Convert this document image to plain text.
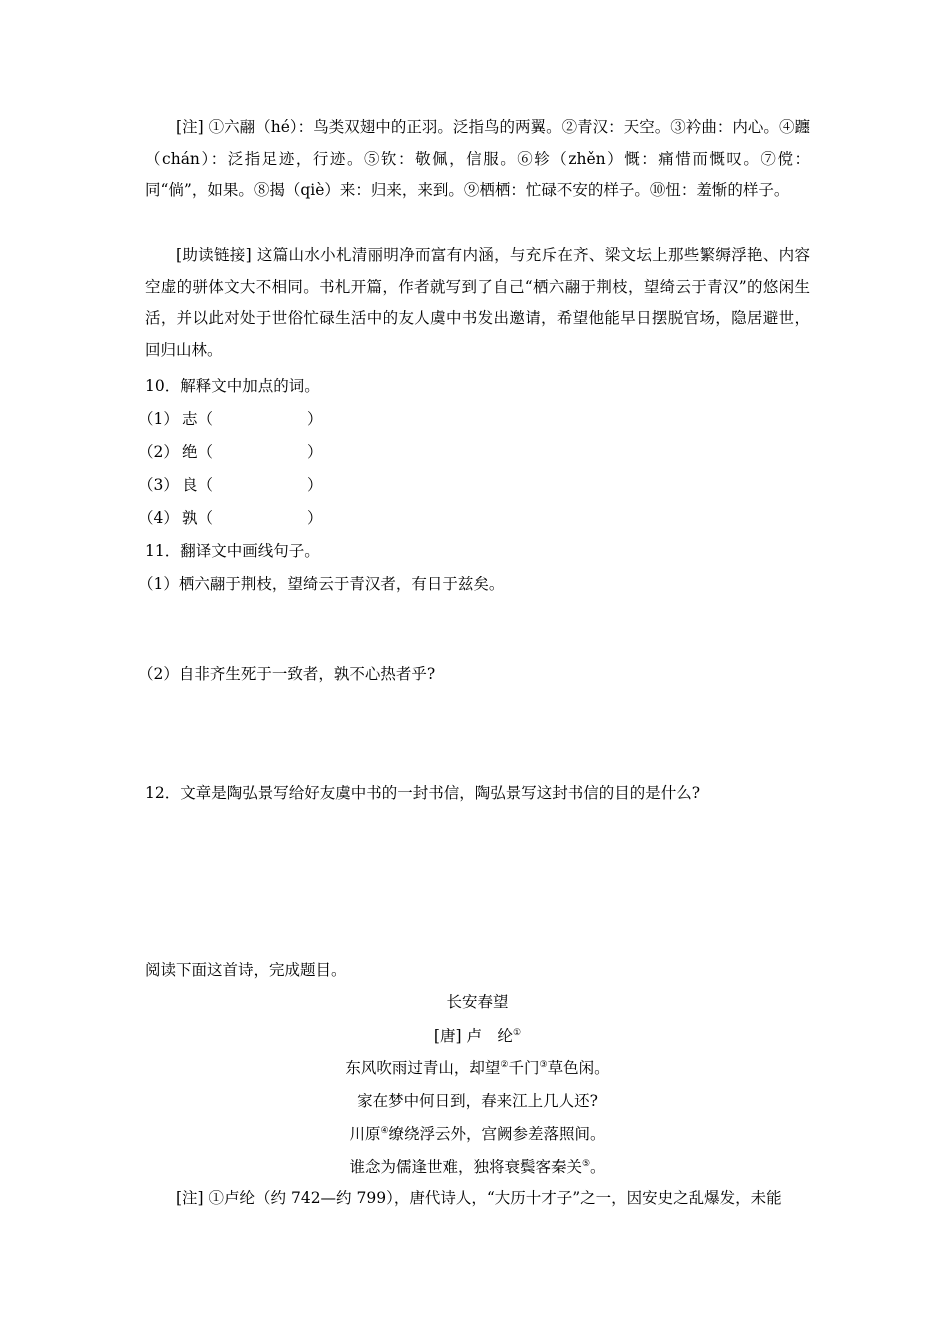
[注] ①六翮（hé）：鸟类双翅中的正羽。泛指鸟的两翼。②青汉：天空。③衿曲：内心。④躔（chán）：泛指足迹，行迹。⑤钦：敬佩，信服。⑥轸（zhěn）慨：痛惜而慨叹。⑦傥：同“倘”，如果。⑧揭（qiè）来：归来，来到。⑨栖栖：忙碌不安的样子。⑩忸：羞惭的样子。
[助读链接] 这篇山水小札清丽明净而富有内涵，与充斥在齐、梁文坛上那些繁缛浮艳、内容空虚的骈体文大不相同。书札开篇，作者就写到了自己“栖六翮于荆枝，望绮云于青汉”的悠闲生活，并以此对处于世俗忙碌生活中的友人虞中书发出邀请，希望他能早日摆脱官场，隐居避世，回归山林。
10．解释文中加点的词。
（1） 志（	）
（2） 绝（	）
（3） 良（	）
（4） 孰（	）
11．翻译文中画线句子。
（1）栖六翮于荆枝，望绮云于青汉者，有日于兹矣。
（2）自非齐生死于一致者，孰不心热者乎?
12．文章是陶弘景写给好友虞中书的一封书信，陶弘景写这封书信的目的是什么?
阅读下面这首诗，完成题目。
长安春望
[唐] 卢　纶①
东风吹雨过青山，却望②千门③草色闲。
家在梦中何日到，春来江上几人还?
川原④缭绕浮云外，宫阙参差落照间。
谁念为儒逢世难，独将衰鬓客秦关⑤。
[注] ①卢纶（约 742—约 799），唐代诗人，“大历十才子”之一，因安史之乱爆发，未能
